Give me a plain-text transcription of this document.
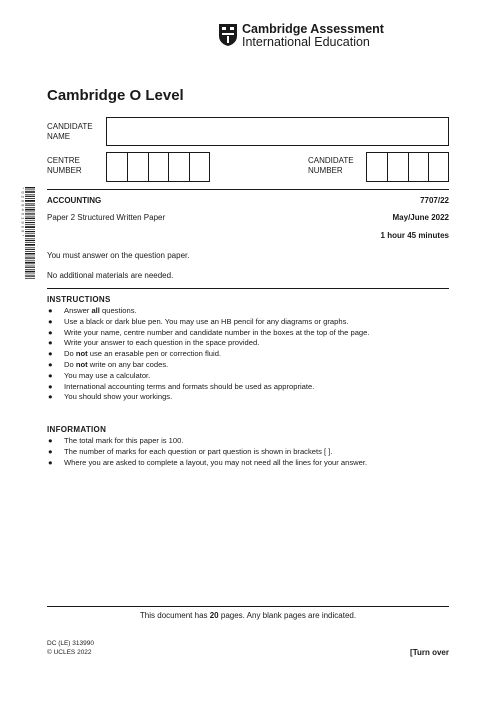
Cambridge Assessment
International Education
Cambridge O Level
CANDIDATE NAME
CENTRE NUMBER
CANDIDATE NUMBER
* 0 2 9 8 4 6 1 0 5 9 *	ACCOUNTING	7707/22
Paper 2 Structured Written Paper	May/June 2022
1 hour 45 minutes
You must answer on the question paper.
No additional materials are needed.
INSTRUCTIONS
● Answer all questions.
● Use a black or dark blue pen. You may use an HB pencil for any diagrams or graphs.
● Write your name, centre number and candidate number in the boxes at the top of the page.
● Write your answer to each question in the space provided.
● Do not use an erasable pen or correction fluid.
● Do not write on any bar codes.
● You may use a calculator.
● International accounting terms and formats should be used as appropriate.
● You should show your workings.
INFORMATION
● The total mark for this paper is 100.
● The number of marks for each question or part question is shown in brackets [ ].
● Where you are asked to complete a layout, you may not need all the lines for your answer.
This document has 20 pages. Any blank pages are indicated.
DC (LE) 313990
© UCLES 2022	[Turn over
